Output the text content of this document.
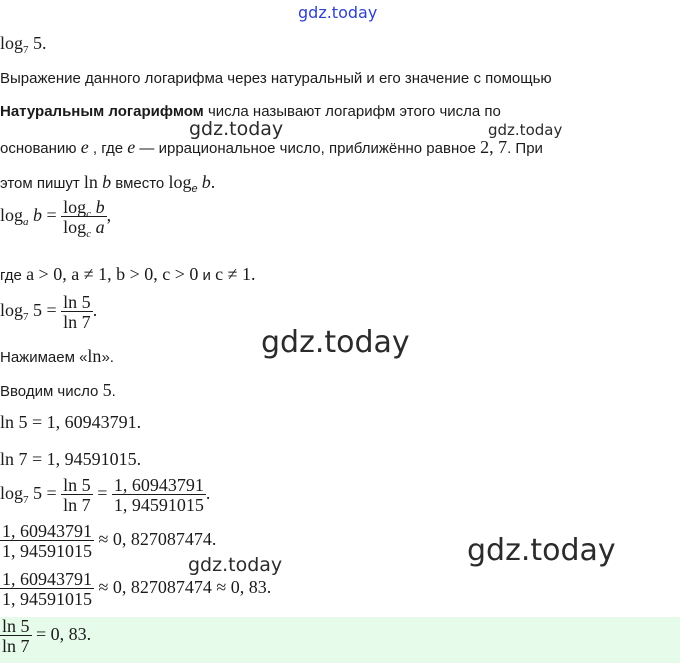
gdz.today
gdz.today	gdz.today
gdz.today
gdz.today
gdz.today
$\log_7 5$.
Выражение данного логарифма через натуральный и его значение с помощью
Натуральным логарифмом числа называют логарифм этого числа по
основанию e , где e — иррациональное число, приближённо равное 2, 7. При
этом пишут ln b вместо $\log_e b$.
$\log_a b = \frac{\log_c b}{\log_c a}$ ,
где a > 0, a ≠ 1, b > 0, c > 0 и c ≠ 1.
$\log_7 5 = \frac{\ln 5}{\ln 7}$ .
Нажимаем «ln».
Вводим число 5.
ln 5 = 1, 60943791.
ln 7 = 1, 94591015.
$\log_7 5 = \frac{\ln 5}{\ln 7} = \frac{1, 60943791}{1, 94591015}$ .
$\frac{1, 60943791}{1, 94591015} \approx 0$, 827087474.
$\frac{1, 60943791}{1, 94591015} \approx 0$, 827087474 ≈ 0, 83.
$\frac{\ln 5}{\ln 7} = 0$, 83.
